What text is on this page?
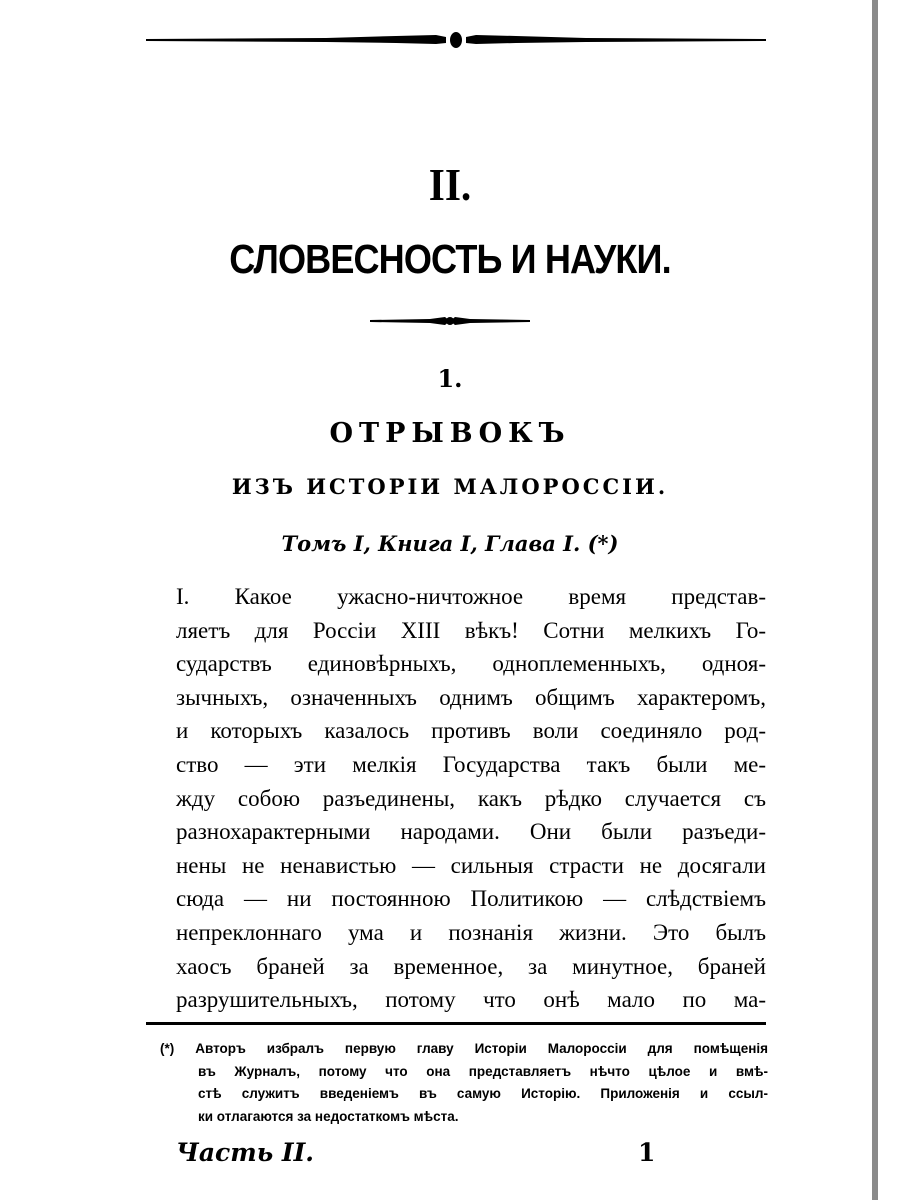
II.
СЛОВЕСНОСТЬ И НАУКИ.
1.
ОТРЫВОКЪ
ИЗЪ ИСТОРІИ МАЛОРОССІИ.
Томъ I, Книга I, Глава I. (*)
I. Какое ужасно-ничтожное время представ-
ляетъ для Россіи XIII вѣкъ! Сотни мелкихъ Го-
сударствъ единовѣрныхъ, одноплеменныхъ, одноя-
зычныхъ, означенныхъ однимъ общимъ характеромъ,
и которыхъ казалось противъ воли соединяло род-
ство — эти мелкія Государства такъ были ме-
жду собою разъединены, какъ рѣдко случается съ
разнохарактерными народами. Они были разъеди-
нены не ненавистью — сильныя страсти не досягали
сюда — ни постоянною Политикою — слѣдствіемъ
непреклоннаго ума и познанія жизни. Это былъ
хаосъ браней за временное, за минутное, браней
разрушительныхъ, потому что онѣ мало по ма-
(*) Авторъ избралъ первую главу Исторіи Малороссіи для помѣщенія
въ Журналъ, потому что она представляетъ нѣчто цѣлое и вмѣ-
стѣ служитъ введеніемъ въ самую Исторію. Приложенія и ссыл-
ки отлагаются за недостаткомъ мѣста.
Часть II.	1
